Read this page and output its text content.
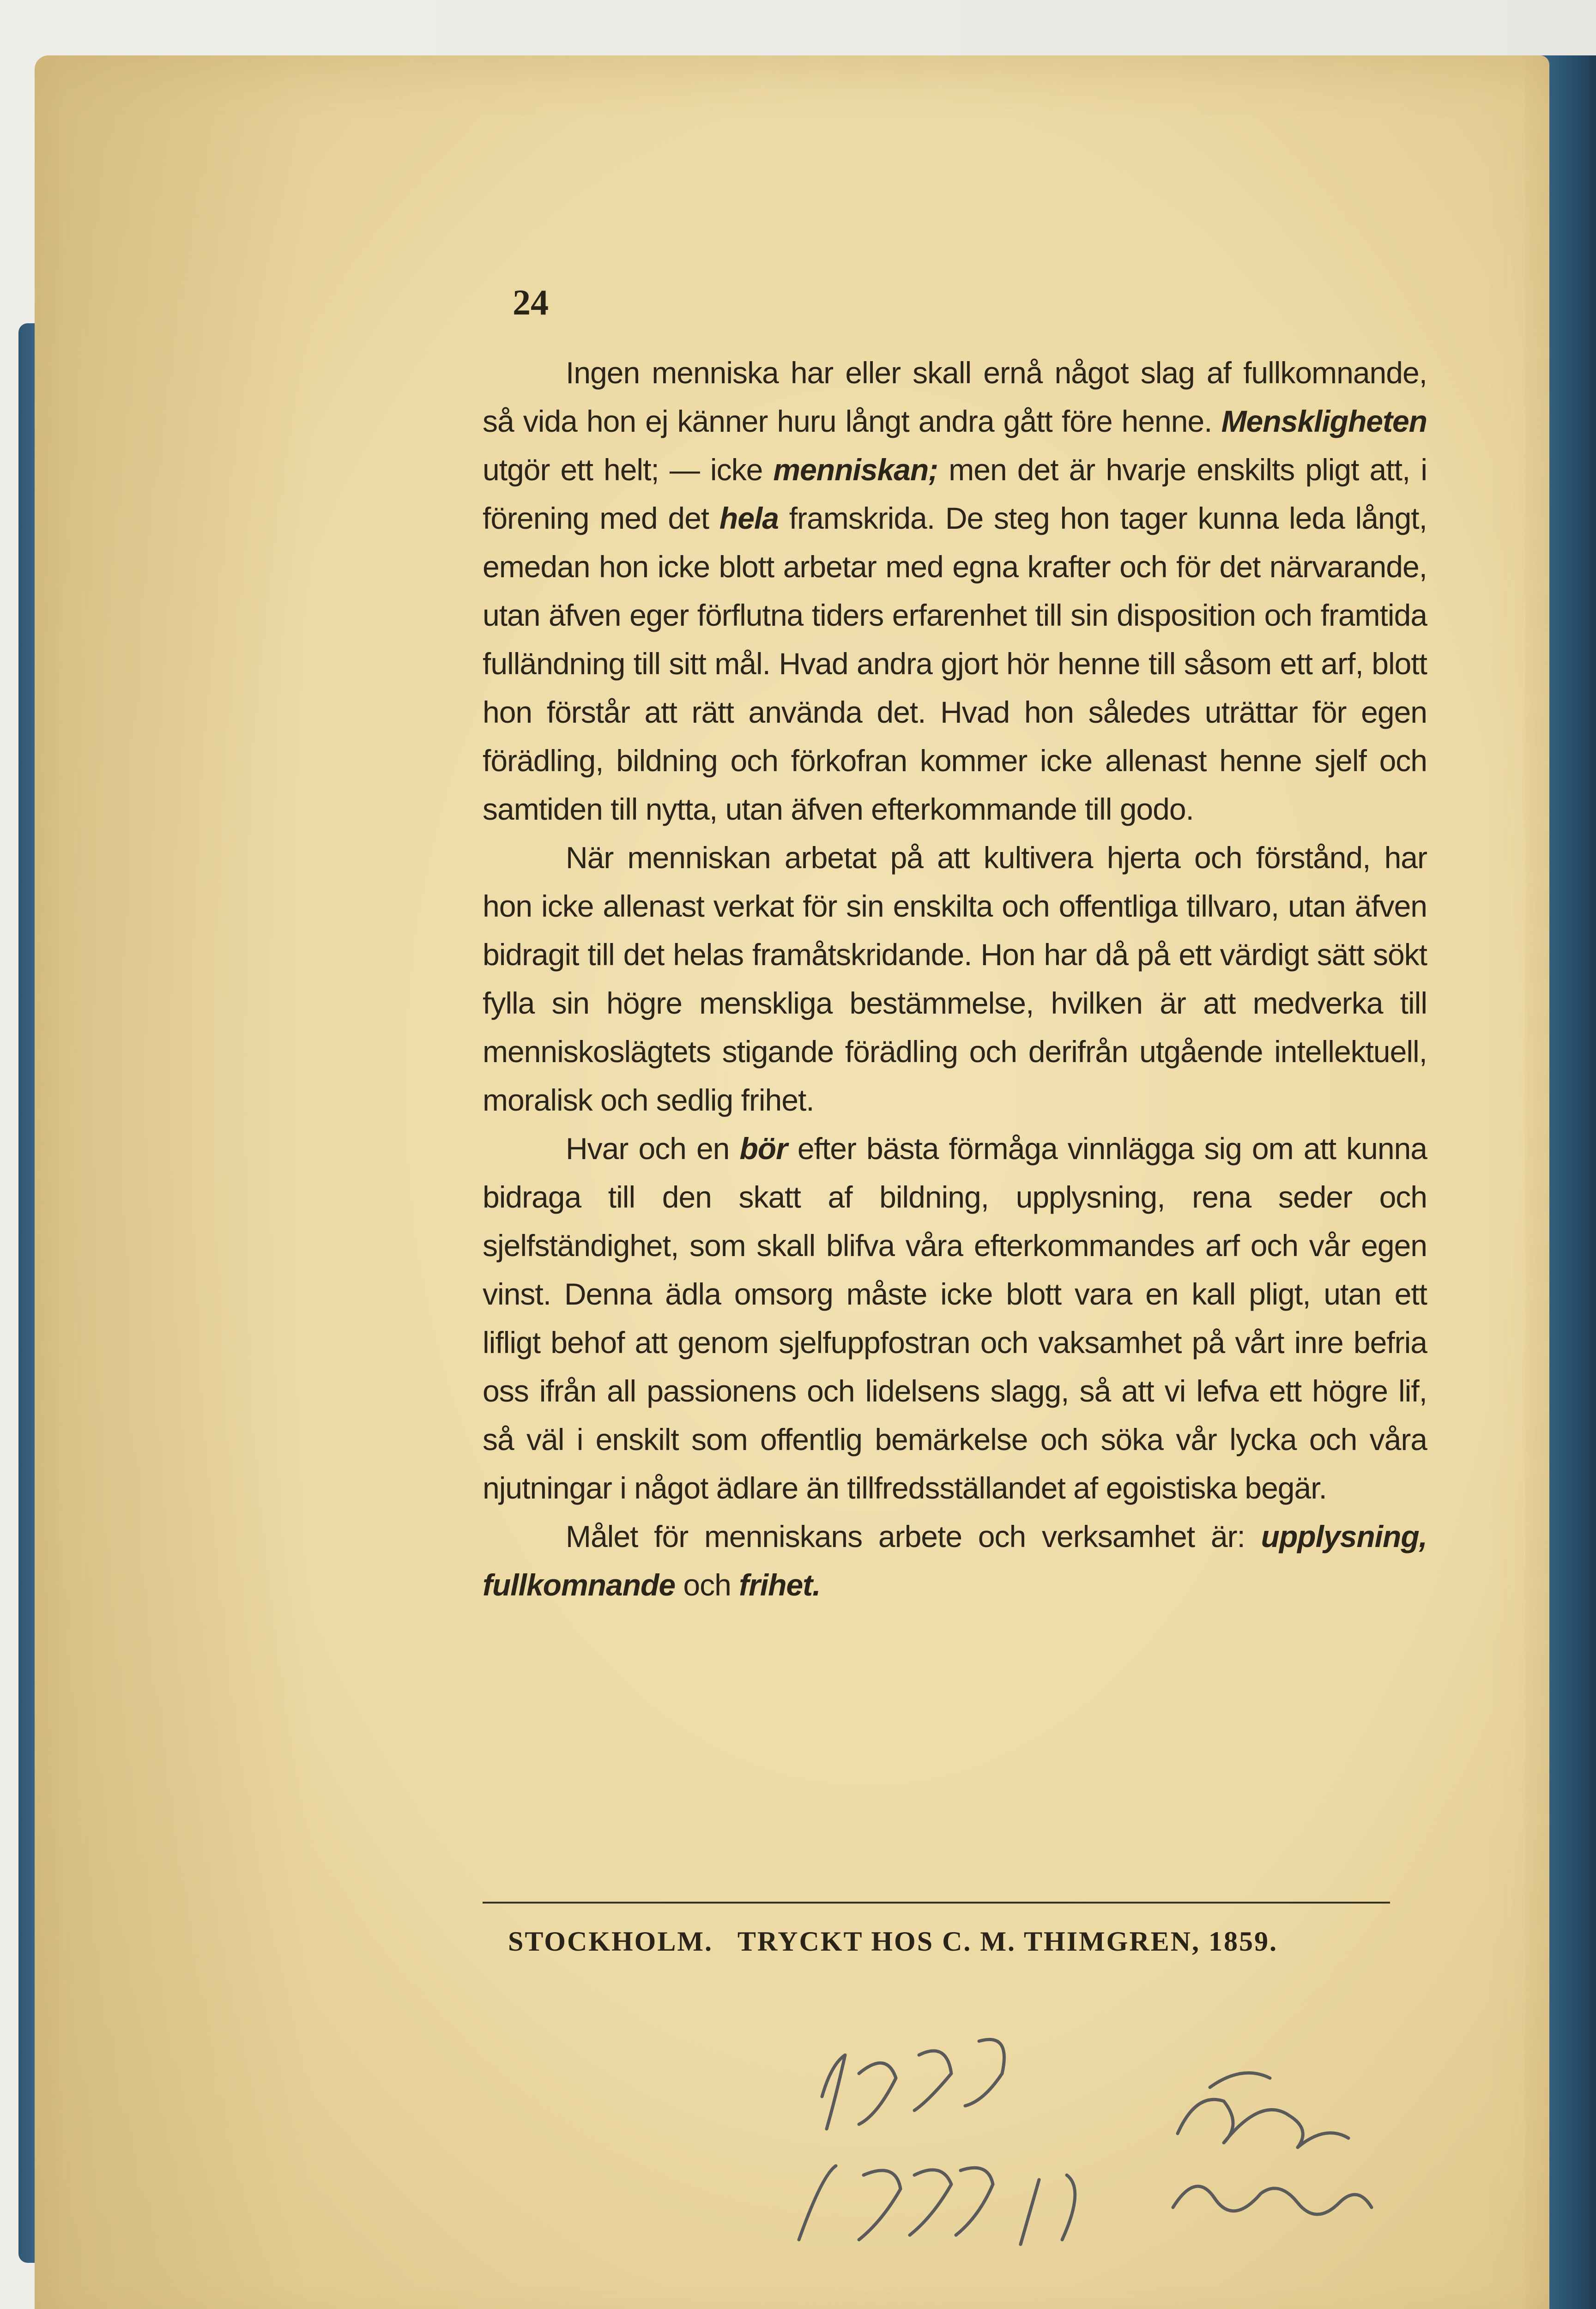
24

Ingen menniska har eller skall ernå något slag af fullkomnande, så vida hon ej känner huru långt andra gått före henne. Menskligheten utgör ett helt; — icke menniskan; men det är hvarje enskilts pligt att, i förening med det hela framskrida. De steg hon tager kunna leda långt, emedan hon icke blott arbetar med egna krafter och för det närvarande, utan äfven eger förflutna tiders erfarenhet till sin disposition och framtida fulländning till sitt mål. Hvad andra gjort hör henne till såsom ett arf, blott hon förstår att rätt använda det. Hvad hon således uträttar för egen förädling, bildning och förkofran kommer icke allenast henne sjelf och samtiden till nytta, utan äfven efterkommande till godo.

När menniskan arbetat på att kultivera hjerta och förstånd, har hon icke allenast verkat för sin enskilta och offentliga tillvaro, utan äfven bidragit till det helas framåtskridande. Hon har då på ett värdigt sätt sökt fylla sin högre menskliga bestämmelse, hvilken är att medverka till menniskoslägtets stigande förädling och derifrån utgående intellektuell, moralisk och sedlig frihet.

Hvar och en bör efter bästa förmåga vinnlägga sig om att kunna bidraga till den skatt af bildning, upplysning, rena seder och sjelfständighet, som skall blifva våra efterkommandes arf och vår egen vinst. Denna ädla omsorg måste icke blott vara en kall pligt, utan ett lifligt behof att genom sjelfuppfostran och vaksamhet på vårt inre befria oss ifrån all passionens och lidelsens slagg, så att vi lefva ett högre lif, så väl i enskilt som offentlig bemärkelse och söka vår lycka och våra njutningar i något ädlare än tillfredsställandet af egoistiska begär.

Målet för menniskans arbete och verksamhet är: upplysning, fullkomnande och frihet.

STOCKHOLM.   TRYCKT HOS C. M. THIMGREN, 1859.
